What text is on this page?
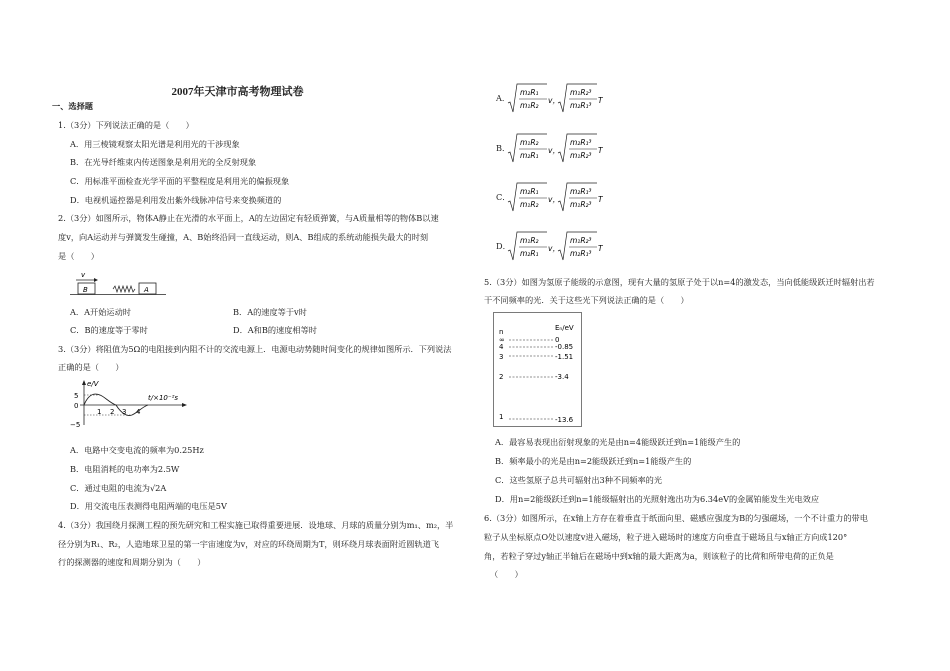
2007年天津市高考物理试卷
一、选择题
1.（3分）下列说法正确的是（　　）
A．用三棱镜观察太阳光谱是利用光的干涉现象
B．在光导纤维束内传送图象是利用光的全反射现象
C．用标准平面检查光学平面的平整程度是利用光的偏振现象
D．电视机遥控器是利用发出紫外线脉冲信号来变换频道的
2.（3分）如图所示，物体A静止在光滑的水平面上，A的左边固定有轻质弹簧，与A质量相等的物体B以速
度v，向A运动并与弹簧发生碰撞，A、B始终沿同一直线运动，则A、B组成的系统动能损失最大的时刻
是（　　）
v
B	A
A．A开始运动时	B．A的速度等于v时
C．B的速度等于零时	D．A和B的速度相等时
3.（3分）将阻值为5Ω的电阻接到内阻不计的交流电源上．电源电动势随时间变化的规律如图所示．下列说法
正确的是（　　）
e/V
t/×10⁻²s
5
0
−5
1 2 3 4
A．电路中交变电流的频率为0.25Hz
B．电阻消耗的电功率为2.5W
C．通过电阻的电流为√2A
D．用交流电压表测得电阻两端的电压是5V
4.（3分）我国绕月探测工程的预先研究和工程实施已取得重要进展．设地球、月球的质量分别为m₁、m₂，半
径分别为R₁、R₂，人造地球卫星的第一宇宙速度为v，对应的环绕周期为T，则环绕月球表面附近圆轨道飞
行的探测器的速度和周期分别为（　　）
A．
m₂R₁
m₁R₂
v，
m₁R₂³
m₂R₁³
T
B．
m₁R₂
m₂R₁
v，
m₂R₁³
m₁R₂³
T
C．
m₂R₁
m₁R₂
v，
m₂R₁³
m₁R₂³
T
D．
m₁R₂
m₂R₁
v，
m₁R₂³
m₂R₁³
T
5.（3分）如图为氢原子能级的示意图，现有大量的氢原子处于以n=4的激发态，当向低能级跃迁时辐射出若
干不同频率的光．关于这些光下列说法正确的是（　　）
n	Eₙ/eV
∞	0
4	-0.85
3	-1.51
2	-3.4
1	-13.6
A．最容易表现出衍射现象的光是由n=4能级跃迁到n=1能级产生的
B．频率最小的光是由n=2能级跃迁到n=1能级产生的
C．这些氢原子总共可辐射出3种不同频率的光
D．用n=2能级跃迁到n=1能级辐射出的光照射逸出功为6.34eV的金属铂能发生光电效应
6.（3分）如图所示，在x轴上方存在着垂直于纸面向里、磁感应强度为B的匀强磁场，一个不计重力的带电
粒子从坐标原点O处以速度v进入磁场，粒子进入磁场时的速度方向垂直于磁场且与x轴正方向成120°
角，若粒子穿过y轴正半轴后在磁场中到x轴的最大距离为a，则该粒子的比荷和所带电荷的正负是
（　　）
